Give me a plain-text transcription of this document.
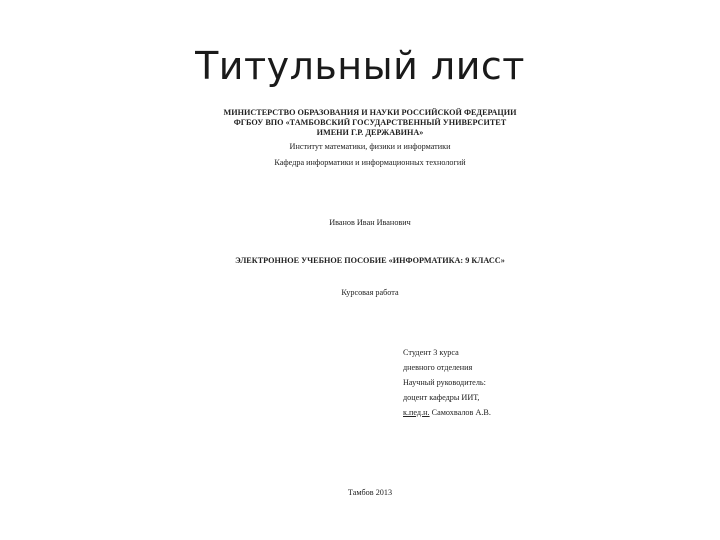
Титульный лист
МИНИСТЕРСТВО ОБРАЗОВАНИЯ И НАУКИ РОССИЙСКОЙ ФЕДЕРАЦИИ
ФГБОУ ВПО «ТАМБОВСКИЙ ГОСУДАРСТВЕННЫЙ УНИВЕРСИТЕТ
ИМЕНИ Г.Р. ДЕРЖАВИНА»
Институт математики, физики и информатики
Кафедра информатики и информационных технологий
Иванов Иван Иванович
ЭЛЕКТРОННОЕ УЧЕБНОЕ ПОСОБИЕ «ИНФОРМАТИКА: 9 КЛАСС»
Курсовая работа
Студент 3 курса
дневного отделения
Научный руководитель:
доцент кафедры ИИТ,
к.пед.н. Самохвалов А.В.
Тамбов 2013
